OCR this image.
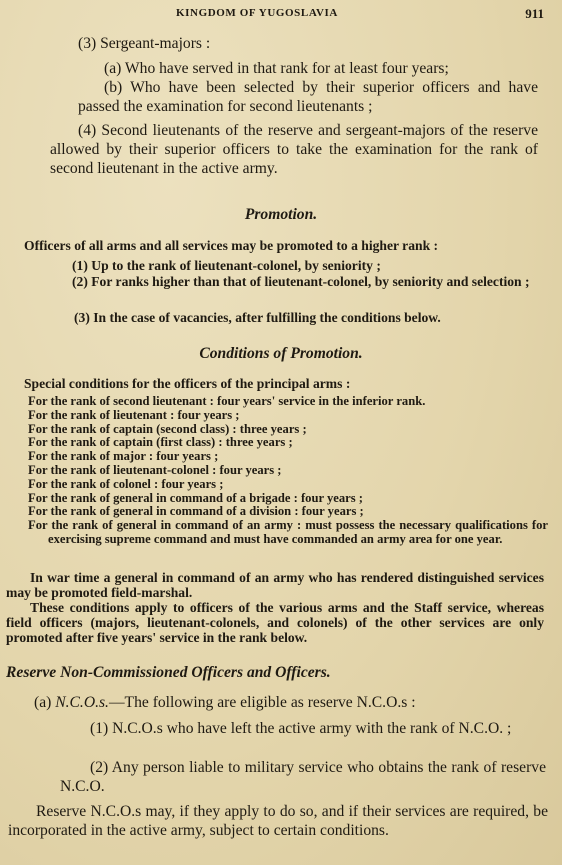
KINGDOM OF YUGOSLAVIA	911

(3) Sergeant-majors :

(a) Who have served in that rank for at least four years;

(b) Who have been selected by their superior officers and have passed the examination for second lieutenants ;

(4) Second lieutenants of the reserve and sergeant-majors of the reserve allowed by their superior officers to take the examination for the rank of second lieutenant in the active army.

Promotion.

Officers of all arms and all services may be promoted to a higher rank :

(1) Up to the rank of lieutenant-colonel, by seniority ;

(2) For ranks higher than that of lieutenant-colonel, by seniority and selection ;

(3) In the case of vacancies, after fulfilling the conditions below.

Conditions of Promotion.

Special conditions for the officers of the principal arms :

For the rank of second lieutenant : four years' service in the inferior rank.

For the rank of lieutenant : four years ;

For the rank of captain (second class) : three years ;

For the rank of captain (first class) : three years ;

For the rank of major : four years ;

For the rank of lieutenant-colonel : four years ;

For the rank of colonel : four years ;

For the rank of general in command of a brigade : four years ;

For the rank of general in command of a division : four years ;

For the rank of general in command of an army : must possess the necessary qualifications for exercising supreme command and must have commanded an army area for one year.

In war time a general in command of an army who has rendered distinguished services may be promoted field-marshal.

These conditions apply to officers of the various arms and the Staff service, whereas field officers (majors, lieutenant-colonels, and colonels) of the other services are only promoted after five years' service in the rank below.

Reserve Non-Commissioned Officers and Officers.

(a) N.C.O.s.—The following are eligible as reserve N.C.O.s :

(1) N.C.O.s who have left the active army with the rank of N.C.O. ;

(2) Any person liable to military service who obtains the rank of reserve N.C.O.

Reserve N.C.O.s may, if they apply to do so, and if their services are required, be incorporated in the active army, subject to certain conditions.
